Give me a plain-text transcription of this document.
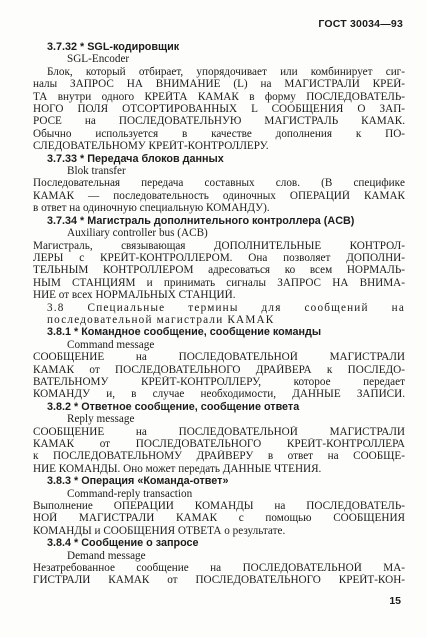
ГОСТ 30034—93
3.7.32 * SGL-кодировщик
SGL-Encoder
Блок, который отбирает, упорядочивает или комбинирует сиг-
налы ЗАПРОС НА ВНИМАНИЕ (L) на МАГИСТРАЛИ КРЕЙ-
ТА внутри одного КРЕЙТА КАМАК в форму ПОСЛЕДОВАТЕЛЬ-
НОГО ПОЛЯ ОТСОРТИРОВАННЫХ L СООБЩЕНИЯ О ЗАП-
РОСЕ на ПОСЛЕДОВАТЕЛЬНУЮ МАГИСТРАЛЬ КАМАК.
Обычно используется в качестве дополнения к ПО-
СЛЕДОВАТЕЛЬНОМУ КРЕЙТ-КОНТРОЛЛЕРУ.
3.7.33 * Передача блоков данных
Blok transfer
Последовательная передача составных слов. (В спецификe
КАМАК — последовательность одиночных ОПЕРАЦИЙ КАМАК
в ответ на одиночную специальную КОМАНДУ).
3.7.34 * Магистраль дополнительного контроллера (ACB)
Auxiliary controller bus (ACB)
Магистраль, связывающая ДОПОЛНИТЕЛЬНЫЕ КОНТРОЛ-
ЛЕРЫ с КРЕЙТ-КОНТРОЛЛЕРОМ. Она позволяет ДОПОЛНИ-
ТЕЛЬНЫМ КОНТРОЛЛЕРОМ адресоваться ко всем НОРМАЛЬ-
НЫМ СТАНЦИЯМ и принимать сигналы ЗАПРОС НА ВНИМА-
НИЕ от всех НОРМАЛЬНЫХ СТАНЦИЙ.
3.8 Специальные термины для сообщений на
последовательной магистрали КАМАК
3.8.1 * Командное сообщение, сообщение команды
Command message
СООБЩЕНИЕ на ПОСЛЕДОВАТЕЛЬНОЙ МАГИСТРАЛИ
КАМАК от ПОСЛЕДОВАТЕЛЬНОГО ДРАЙВЕРА к ПОСЛЕДО-
ВАТЕЛЬНОМУ КРЕЙТ-КОНТРОЛЛЕРУ, которое передает
КОМАНДУ и, в случае необходимости, ДАННЫЕ ЗАПИСИ.
3.8.2 * Ответное сообщение, сообщение ответа
Reply message
СООБЩЕНИЕ на ПОСЛЕДОВАТЕЛЬНОЙ МАГИСТРАЛИ
КАМАК от ПОСЛЕДОВАТЕЛЬНОГО КРЕЙТ-КОНТРОЛЛЕРА
к ПОСЛЕДОВАТЕЛЬНОМУ ДРАЙВЕРУ в ответ на СООБЩЕ-
НИЕ КОМАНДЫ. Оно может передать ДАННЫЕ ЧТЕНИЯ.
3.8.3 * Операция «Команда-ответ»
Command-reply transaction
Выполнение ОПЕРАЦИИ КОМАНДЫ на ПОСЛЕДОВАТЕЛЬ-
НОЙ МАГИСТРАЛИ КАМАК с помощью СООБЩЕНИЯ
КОМАНДЫ и СООБЩЕНИЯ ОТВЕТА о результате.
3.8.4 * Сообщение о запросе
Demand message
Незатребованное сообщение на ПОСЛЕДОВАТЕЛЬНОЙ МА-
ГИСТРАЛИ КАМАК от ПОСЛЕДОВАТЕЛЬНОГО КРЕЙТ-КОН-
15
